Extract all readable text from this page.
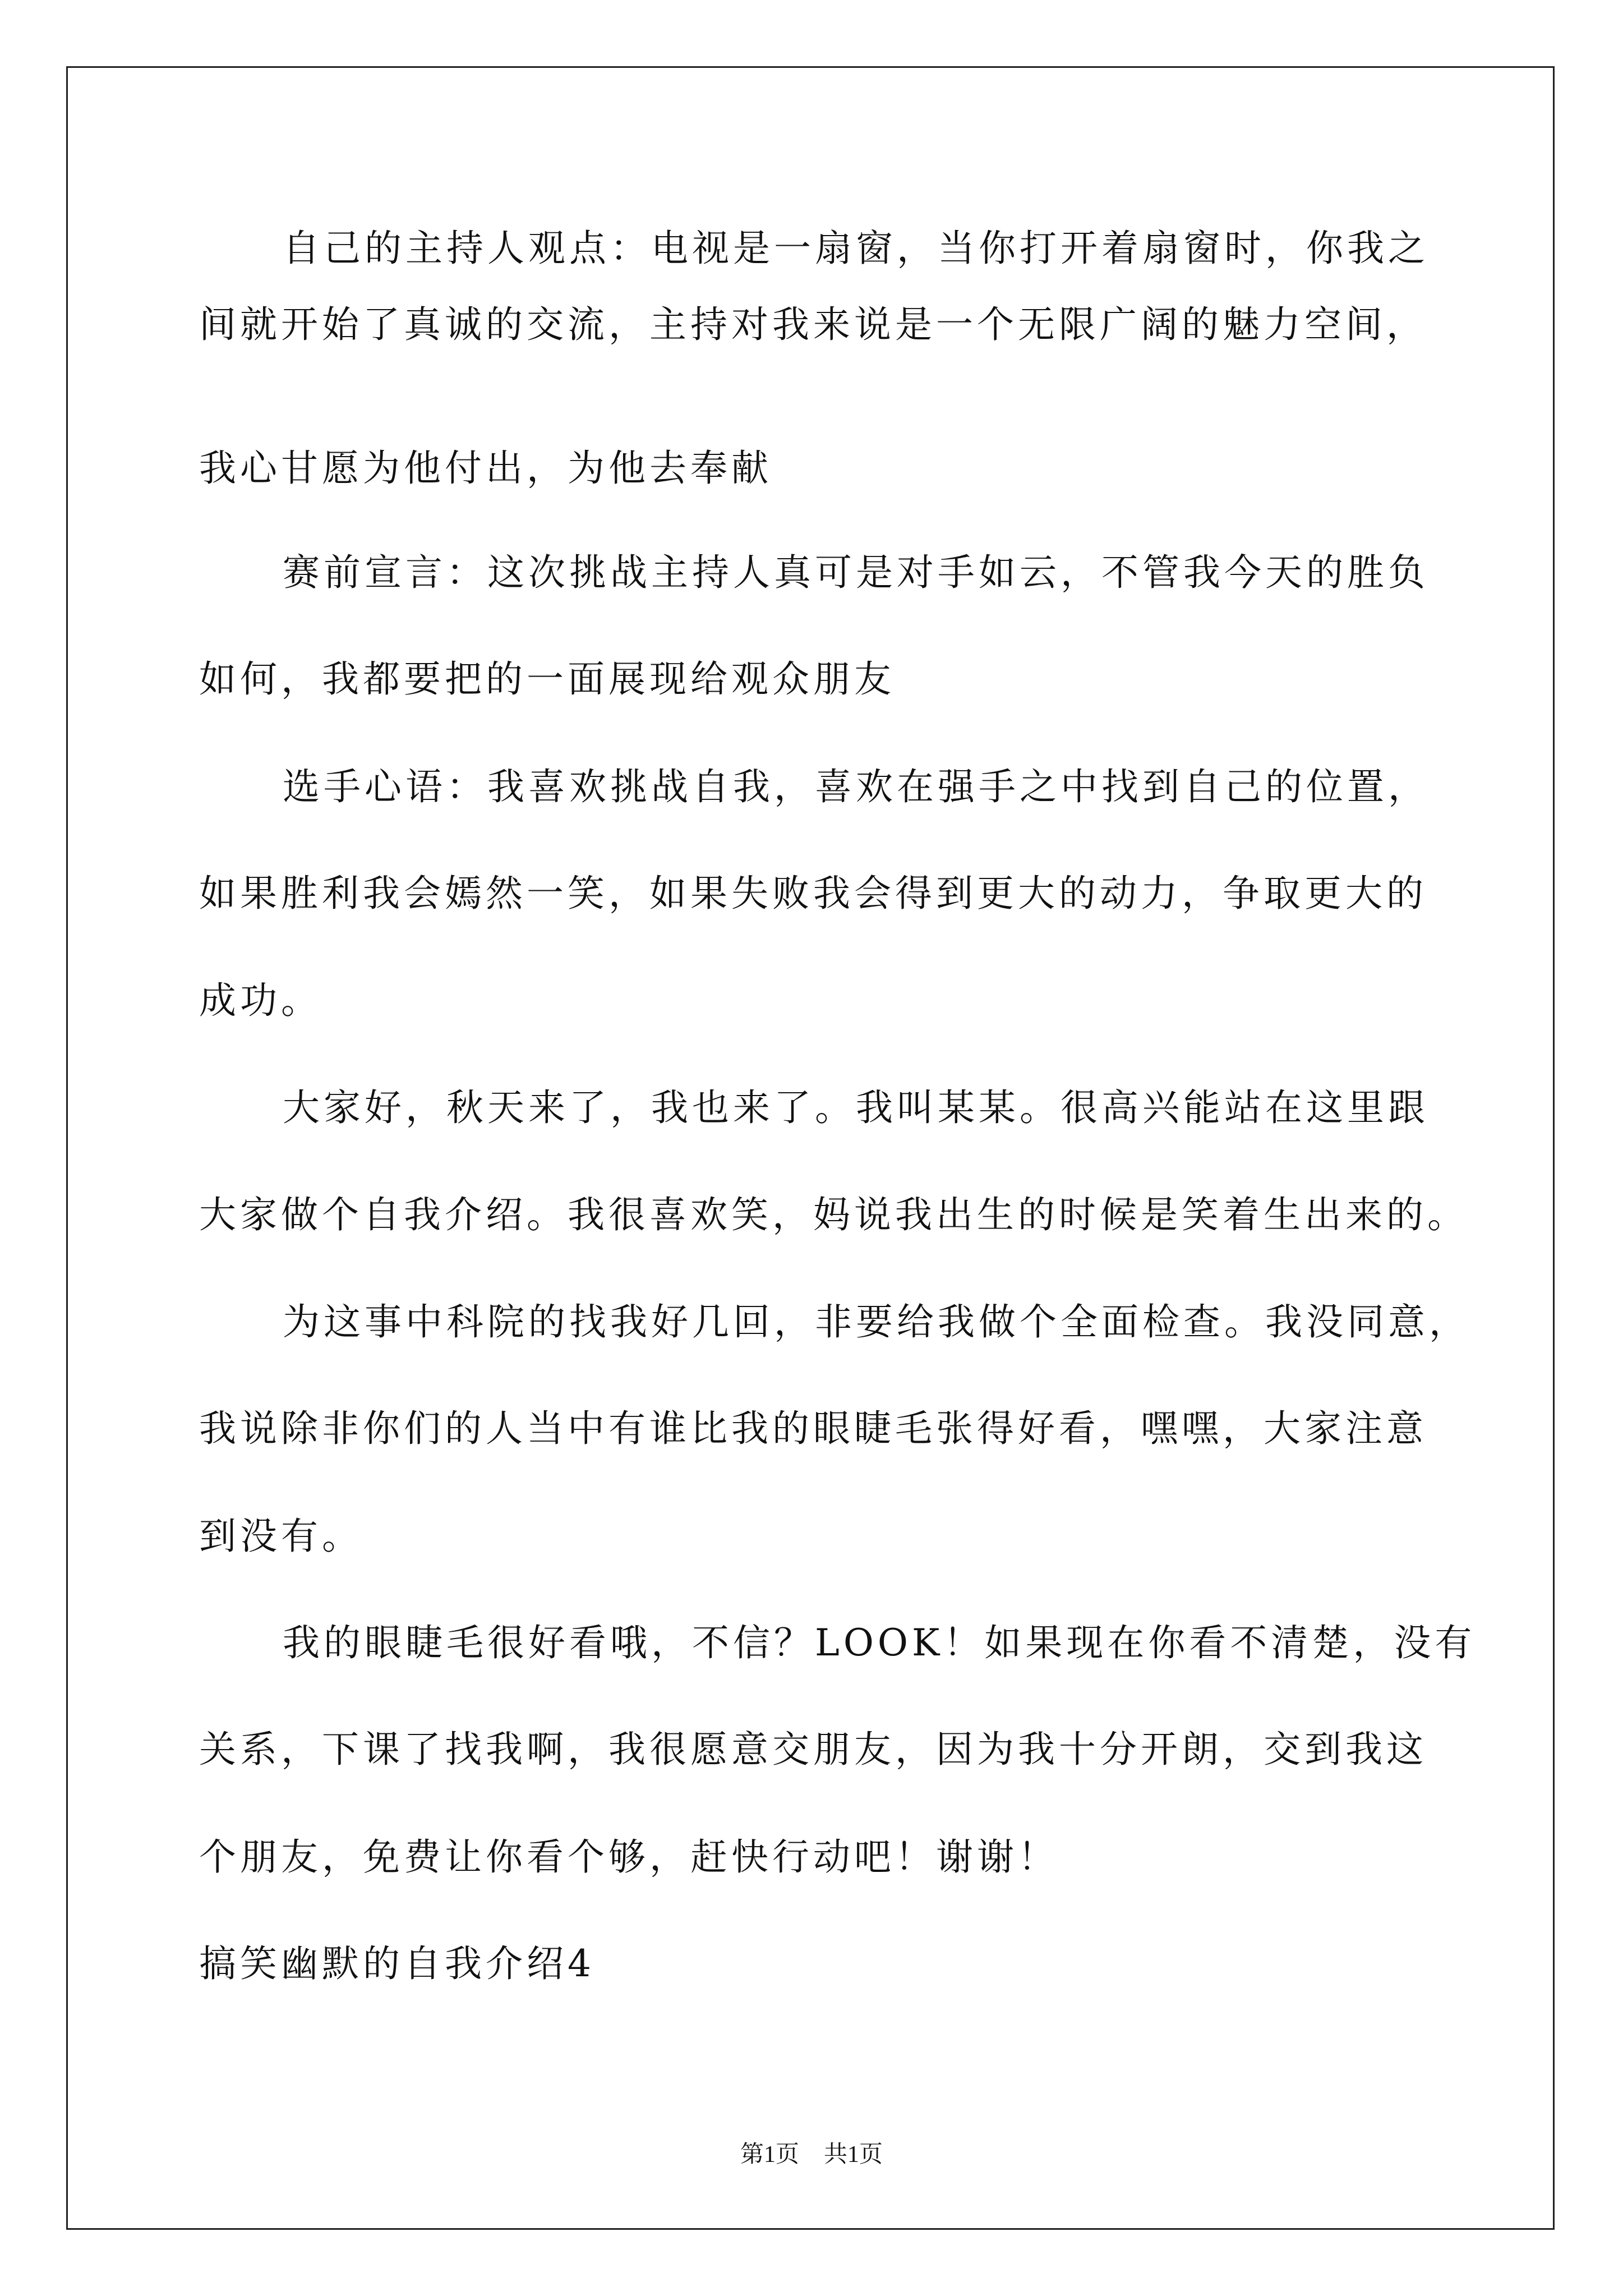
自己的主持人观点：电视是一扇窗，当你打开着扇窗时，你我之
间就开始了真诚的交流，主持对我来说是一个无限广阔的魅力空间，
我心甘愿为他付出，为他去奉献
赛前宣言：这次挑战主持人真可是对手如云，不管我今天的胜负
如何，我都要把的一面展现给观众朋友
选手心语：我喜欢挑战自我，喜欢在强手之中找到自己的位置，
如果胜利我会嫣然一笑，如果失败我会得到更大的动力，争取更大的
成功。
大家好，秋天来了，我也来了。我叫某某。很高兴能站在这里跟
大家做个自我介绍。我很喜欢笑，妈说我出生的时候是笑着生出来的。
为这事中科院的找我好几回，非要给我做个全面检查。我没同意，
我说除非你们的人当中有谁比我的眼睫毛张得好看，嘿嘿，大家注意
到没有。
我的眼睫毛很好看哦，不信？LOOK！如果现在你看不清楚，没有
关系，下课了找我啊，我很愿意交朋友，因为我十分开朗，交到我这
个朋友，免费让你看个够，赶快行动吧！谢谢！
搞笑幽默的自我介绍4
第1页 共1页
